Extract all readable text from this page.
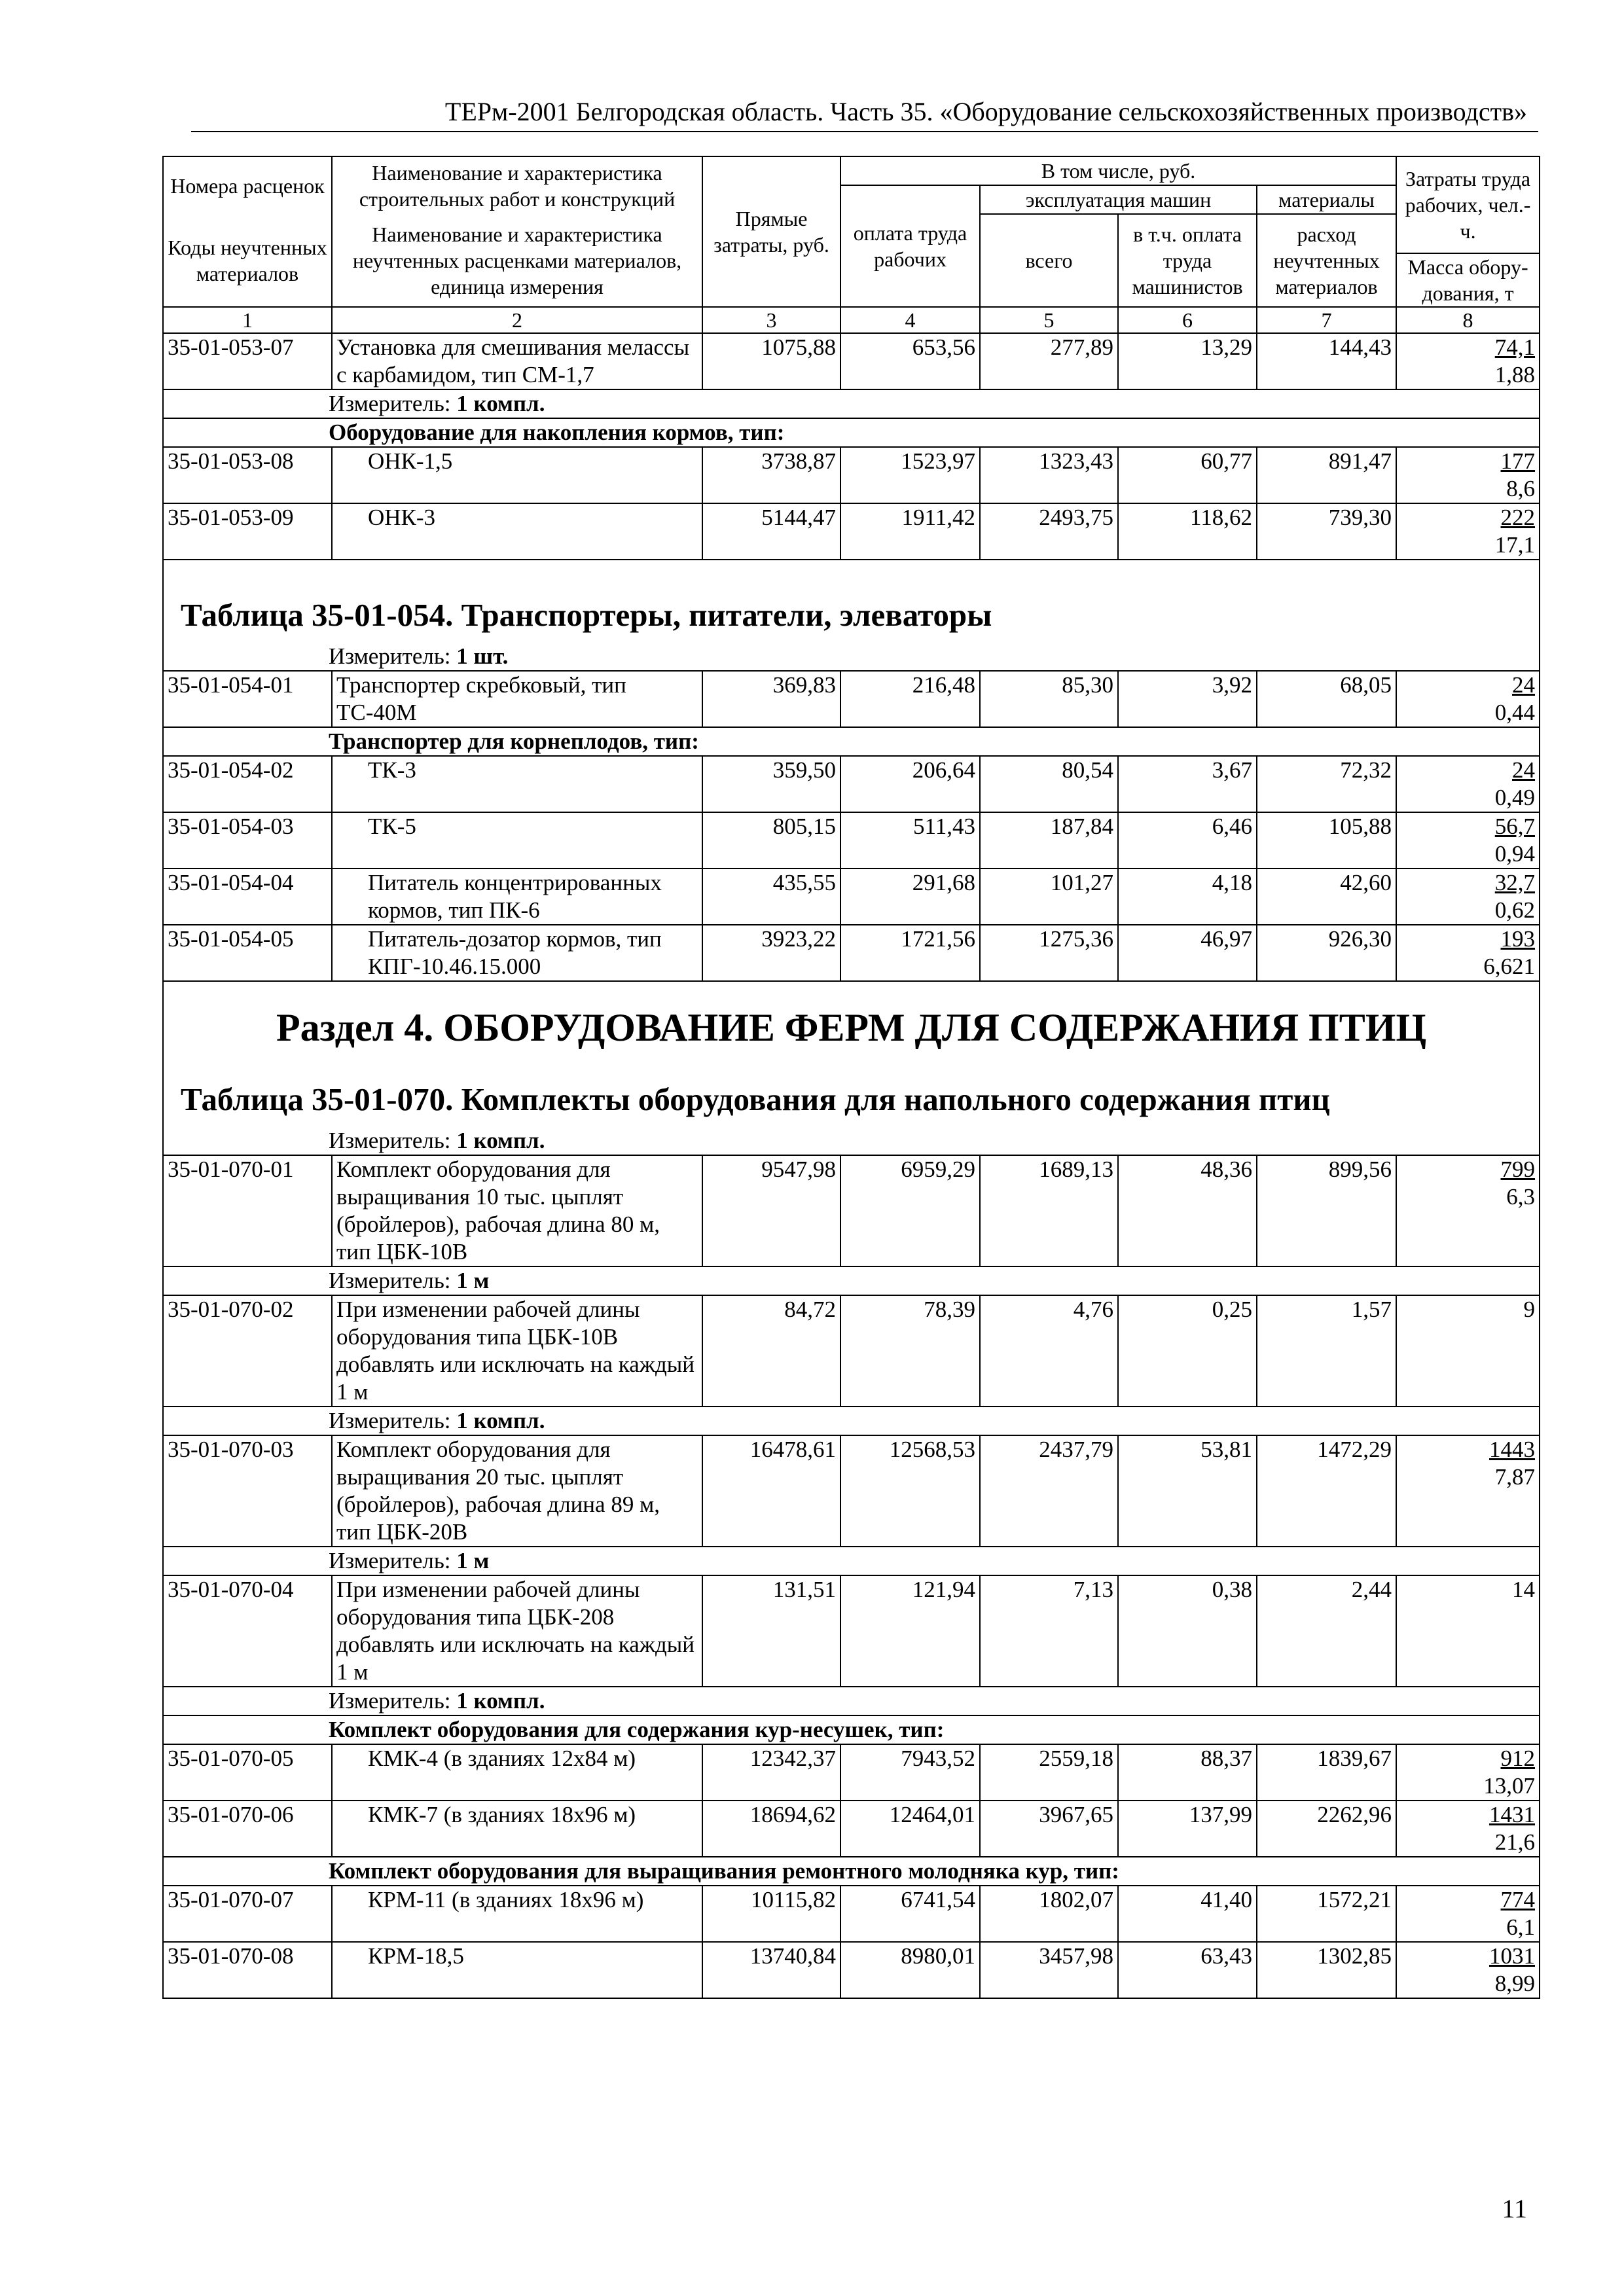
ТЕРм-2001 Белгородская область. Часть 35. «Оборудование сельскохозяйственных производств»
Номера расценок	Наименование и характеристика строительных работ и конструкций	Прямые затраты, руб.	В том числе, руб.				Затраты труда рабочих, чел.-ч.
			оплата труда рабочих	эксплуатация машин		материалы	
Коды неучтенных материалов	Наименование и характеристика неучтенных расценками материалов, единица измерения			всего	в т.ч. оплата труда машинистов	расход неучтенных материалов	
							Масса обору-дования, т
1	2	3	4	5	6	7	8
35-01-053-07	Установка для смешивания мелассы с карбамидом, тип СМ-1,7	1075,88	653,56	277,89	13,29	144,43	74,1
1,88

Измеритель: 1 компл.							
Оборудование для накопления кормов, тип:							
35-01-053-08	ОНК-1,5	3738,87	1523,97	1323,43	60,77	891,47	177
8,6

35-01-053-09	ОНК-3	5144,47	1911,42	2493,75	118,62	739,30	222
17,1

Таблица 35-01-054. Транспортеры, питатели, элеваторы							
Измеритель: 1 шт.							
35-01-054-01	Транспортер скребковый, тип ТС-40М	369,83	216,48	85,30	3,92	68,05	24
0,44

Транспортер для корнеплодов, тип:							
35-01-054-02	ТК-3	359,50	206,64	80,54	3,67	72,32	24
0,49

35-01-054-03	ТК-5	805,15	511,43	187,84	6,46	105,88	56,7
0,94

35-01-054-04	Питатель концентрированных кормов, тип ПК-6	435,55	291,68	101,27	4,18	42,60	32,7
0,62

35-01-054-05	Питатель-дозатор кормов, тип КПГ-10.46.15.000	3923,22	1721,56	1275,36	46,97	926,30	193
6,621

Раздел 4. ОБОРУДОВАНИЕ ФЕРМ ДЛЯ СОДЕРЖАНИЯ ПТИЦ							
Таблица 35-01-070. Комплекты оборудования для напольного содержания птиц							
Измеритель: 1 компл.							
35-01-070-01	Комплект оборудования для выращивания 10 тыс. цыплят (бройлеров), рабочая длина 80 м, тип ЦБК-10В	9547,98	6959,29	1689,13	48,36	899,56	799
6,3

Измеритель: 1 м							
35-01-070-02	При изменении рабочей длины оборудования типа ЦБК-10В добавлять или исключать на каждый 1 м	84,72	78,39	4,76	0,25	1,57	9

Измеритель: 1 компл.							
35-01-070-03	Комплект оборудования для выращивания 20 тыс. цыплят (бройлеров), рабочая длина 89 м, тип ЦБК-20В	16478,61	12568,53	2437,79	53,81	1472,29	1443
7,87

Измеритель: 1 м							
35-01-070-04	При изменении рабочей длины оборудования типа ЦБК-208 добавлять или исключать на каждый 1 м	131,51	121,94	7,13	0,38	2,44	14

Измеритель: 1 компл.							
Комплект оборудования для содержания кур-несушек, тип:							
35-01-070-05	КМК-4 (в зданиях 12х84 м)	12342,37	7943,52	2559,18	88,37	1839,67	912
13,07

35-01-070-06	КМК-7 (в зданиях 18х96 м)	18694,62	12464,01	3967,65	137,99	2262,96	1431
21,6

Комплект оборудования для выращивания ремонтного молодняка кур, тип:							
35-01-070-07	КРМ-11 (в зданиях 18х96 м)	10115,82	6741,54	1802,07	41,40	1572,21	774
6,1

35-01-070-08	КРМ-18,5	13740,84	8980,01	3457,98	63,43	1302,85	1031
8,99
11
